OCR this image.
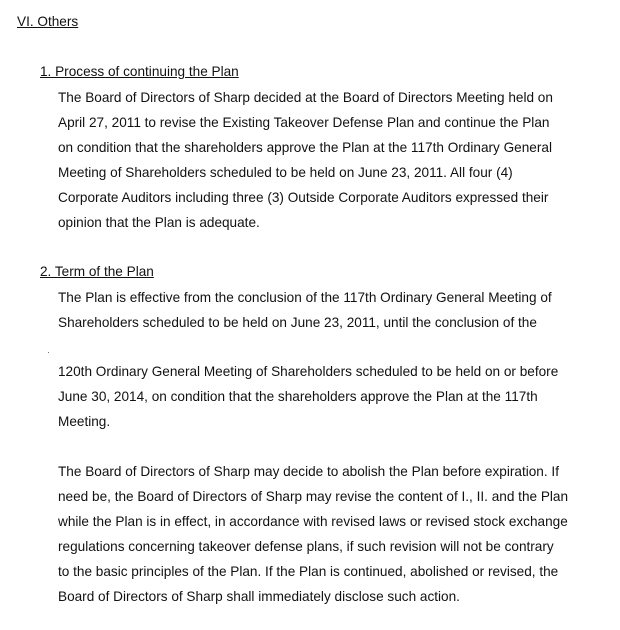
VI. Others
1. Process of continuing the Plan
The Board of Directors of Sharp decided at the Board of Directors Meeting held on
April 27, 2011 to revise the Existing Takeover Defense Plan and continue the Plan
on condition that the shareholders approve the Plan at the 117th Ordinary General
Meeting of Shareholders scheduled to be held on June 23, 2011. All four (4)
Corporate Auditors including three (3) Outside Corporate Auditors expressed their
opinion that the Plan is adequate.
2. Term of the Plan
The Plan is effective from the conclusion of the 117th Ordinary General Meeting of
Shareholders scheduled to be held on June 23, 2011, until the conclusion of the
120th Ordinary General Meeting of Shareholders scheduled to be held on or before
June 30, 2014, on condition that the shareholders approve the Plan at the 117th
Meeting.
The Board of Directors of Sharp may decide to abolish the Plan before expiration. If
need be, the Board of Directors of Sharp may revise the content of I., II. and the Plan
while the Plan is in effect, in accordance with revised laws or revised stock exchange
regulations concerning takeover defense plans, if such revision will not be contrary
to the basic principles of the Plan. If the Plan is continued, abolished or revised, the
Board of Directors of Sharp shall immediately disclose such action.
